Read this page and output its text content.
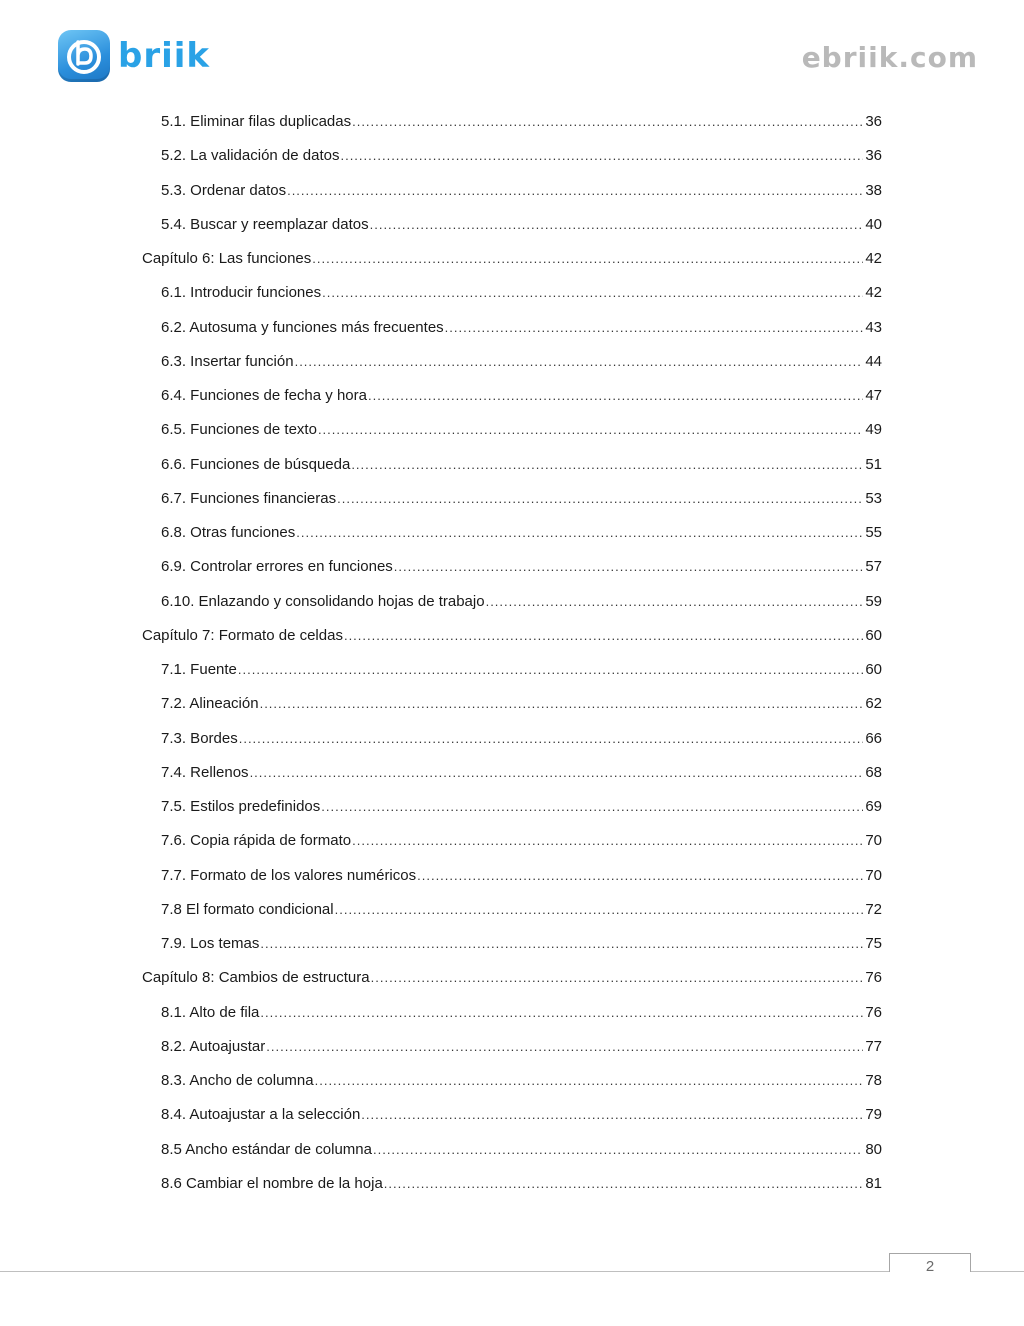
briik	ebriik.com
5.1. Eliminar filas duplicadas .....	36
5.2. La validación de datos .....	36
5.3. Ordenar datos .....	38
5.4. Buscar y reemplazar datos .....	40
Capítulo 6: Las funciones .....	42
6.1. Introducir funciones .....	42
6.2. Autosuma y funciones más frecuentes .....	43
6.3. Insertar función .....	44
6.4. Funciones de fecha y hora .....	47
6.5. Funciones de texto .....	49
6.6. Funciones de búsqueda .....	51
6.7. Funciones financieras .....	53
6.8. Otras funciones .....	55
6.9. Controlar errores en funciones .....	57
6.10. Enlazando y consolidando hojas de trabajo .....	59
Capítulo 7: Formato de celdas .....	60
7.1. Fuente .....	60
7.2. Alineación .....	62
7.3. Bordes .....	66
7.4. Rellenos .....	68
7.5. Estilos predefinidos .....	69
7.6. Copia rápida de formato .....	70
7.7. Formato de los valores numéricos .....	70
7.8 El formato condicional .....	72
7.9. Los temas .....	75
Capítulo 8: Cambios de estructura .....	76
8.1. Alto de fila .....	76
8.2. Autoajustar .....	77
8.3. Ancho de columna .....	78
8.4. Autoajustar a la selección .....	79
8.5 Ancho estándar de columna .....	80
8.6 Cambiar el nombre de la hoja .....	81
2
